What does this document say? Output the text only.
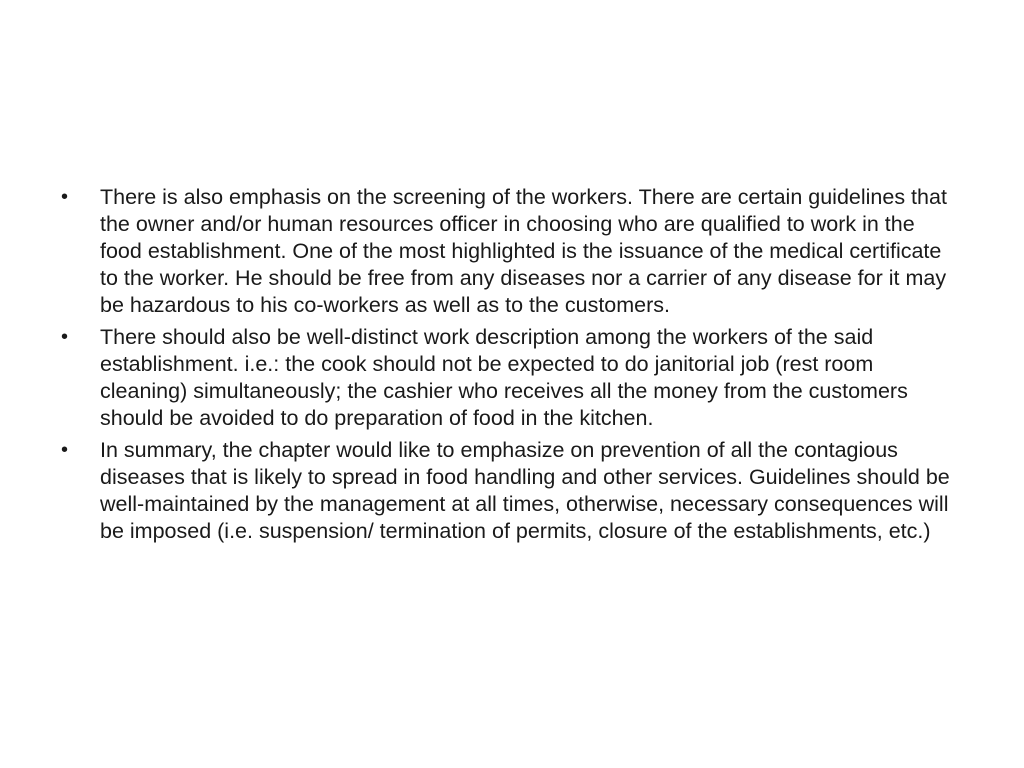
•	There is also emphasis on the screening of the workers. There are certain guidelines that the owner and/or human resources officer in choosing who are qualified to work in the food establishment. One of the most highlighted is the issuance of the medical certificate to the worker. He should be free from any diseases nor a carrier of any disease for it may be hazardous to his co-workers as well as to the customers.
•	There should also be well-distinct work description among the workers of the said establishment. i.e.: the cook should not be expected to do janitorial job (rest room cleaning) simultaneously; the cashier who receives all the money from the customers should be avoided to do preparation of food in the kitchen.
•	In summary, the chapter would like to emphasize on prevention of all the contagious diseases that is likely to spread in food handling and other services. Guidelines should be well-maintained by the management at all times, otherwise, necessary consequences will be imposed (i.e. suspension/ termination of permits, closure of the establishments, etc.)
